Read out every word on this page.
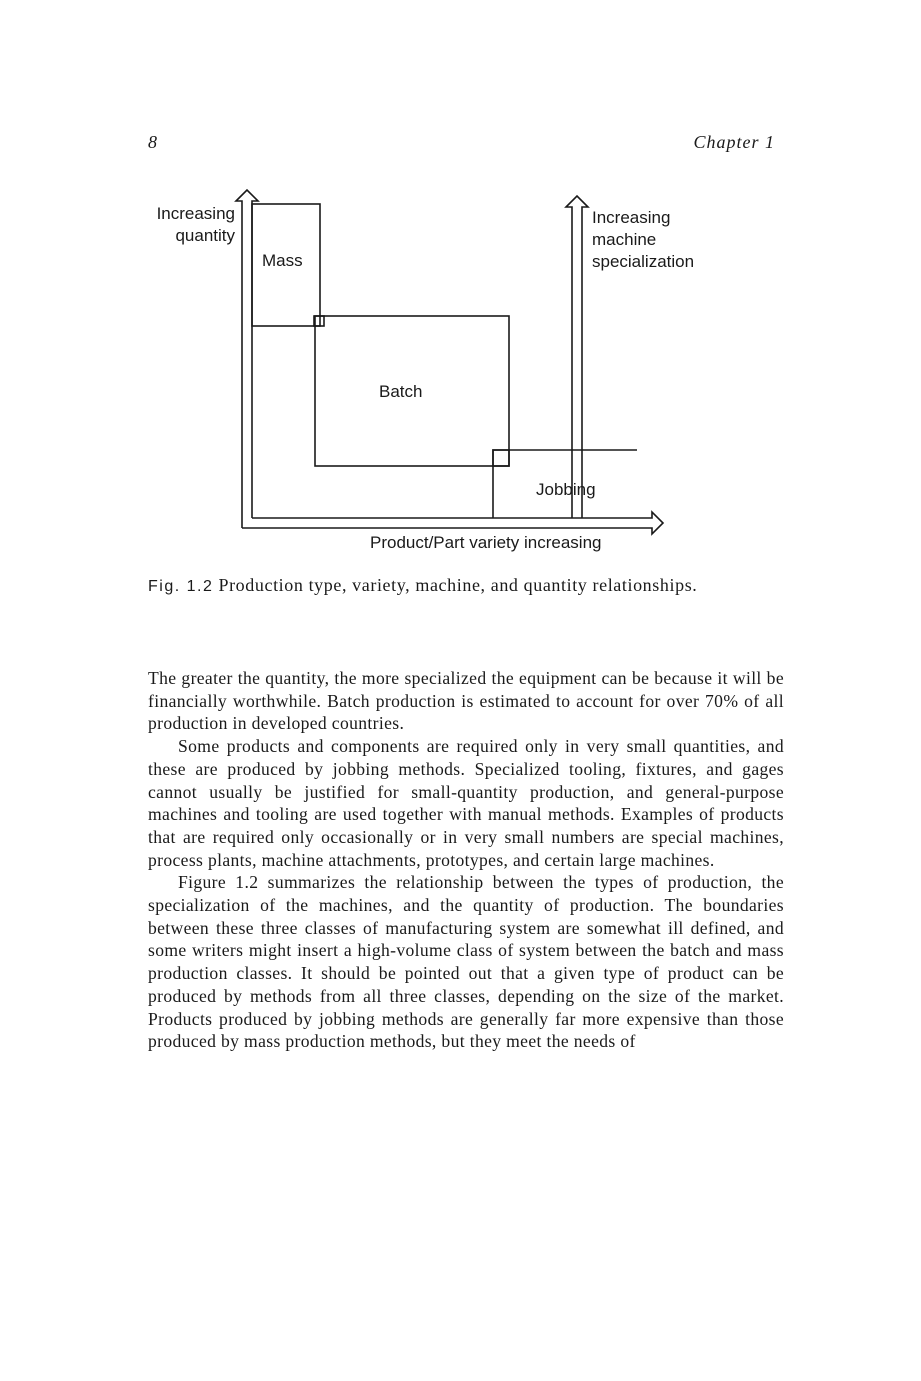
8	Chapter 1
Increasing
quantity
Increasing
machine
specialization
Mass
Batch
Jobbing
Product/Part variety increasing
Fig. 1.2 Production type, variety, machine, and quantity relationships.

The greater the quantity, the more specialized the equipment can be because it will be financially worthwhile. Batch production is estimated to account for over 70% of all production in developed countries.

Some products and components are required only in very small quantities, and these are produced by jobbing methods. Specialized tooling, fixtures, and gages cannot usually be justified for small-quantity production, and general-purpose machines and tooling are used together with manual methods. Examples of products that are required only occasionally or in very small numbers are special machines, process plants, machine attachments, prototypes, and certain large machines.

Figure 1.2 summarizes the relationship between the types of production, the specialization of the machines, and the quantity of production. The boundaries between these three classes of manufacturing system are somewhat ill defined, and some writers might insert a high-volume class of system between the batch and mass production classes. It should be pointed out that a given type of product can be produced by methods from all three classes, depending on the size of the market. Products produced by jobbing methods are generally far more expensive than those produced by mass production methods, but they meet the needs of
